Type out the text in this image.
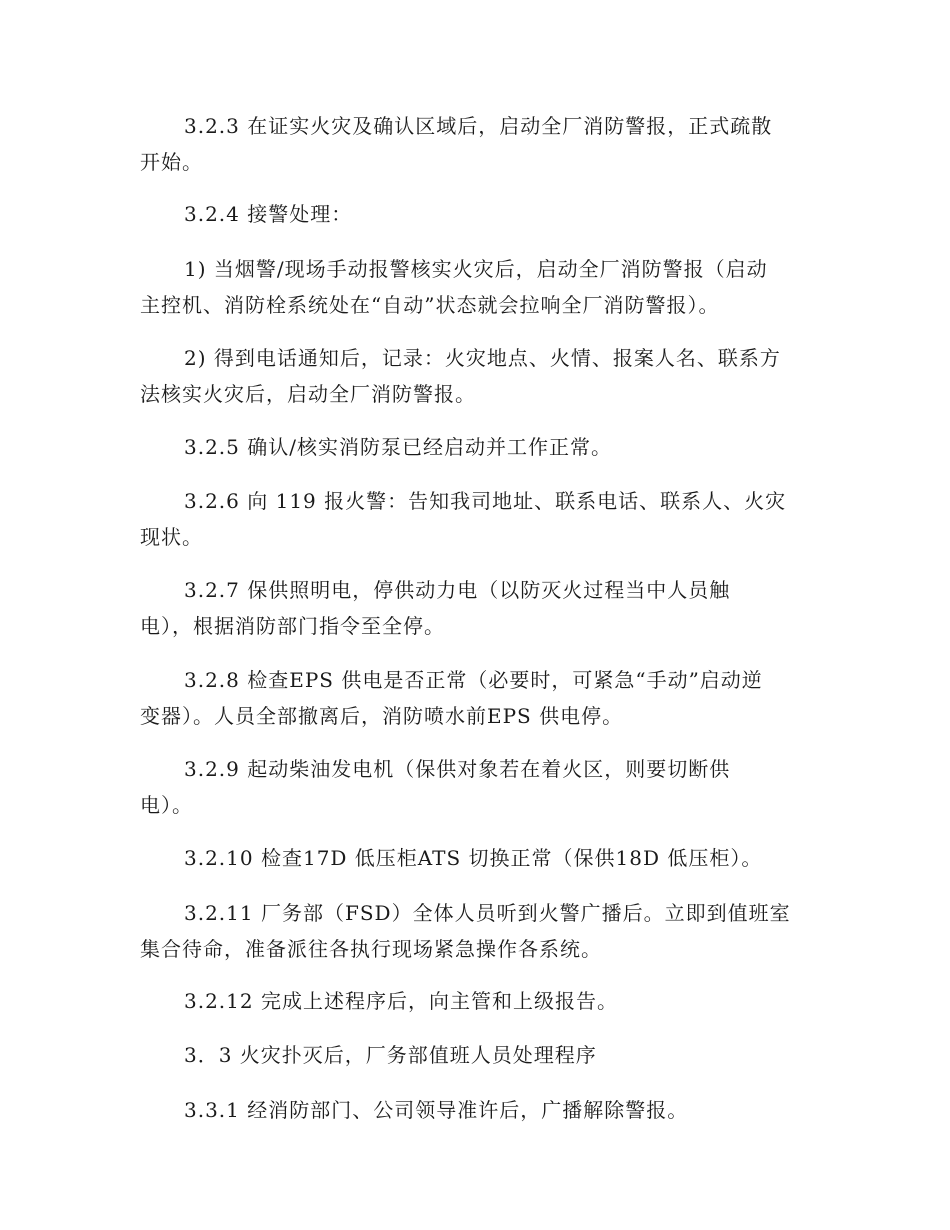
3.2.3 在证实火灾及确认区域后，启动全厂消防警报，正式疏散
开始。

3.2.4 接警处理：

1) 当烟警/现场手动报警核实火灾后，启动全厂消防警报（启动
主控机、消防栓系统处在“自动”状态就会拉响全厂消防警报）。

2) 得到电话通知后，记录：火灾地点、火情、报案人名、联系方
法核实火灾后，启动全厂消防警报。

3.2.5 确认/核实消防泵已经启动并工作正常。

3.2.6 向 119 报火警：告知我司地址、联系电话、联系人、火灾
现状。

3.2.7 保供照明电，停供动力电（以防灭火过程当中人员触
电），根据消防部门指令至全停。

3.2.8 检查EPS 供电是否正常（必要时，可紧急“手动”启动逆
变器）。人员全部撤离后，消防喷水前EPS 供电停。

3.2.9 起动柴油发电机（保供对象若在着火区，则要切断供
电）。

3.2.10 检查17D 低压柜ATS 切换正常（保供18D 低压柜）。

3.2.11 厂务部（FSD）全体人员听到火警广播后。立即到值班室
集合待命，准备派往各执行现场紧急操作各系统。

3.2.12 完成上述程序后，向主管和上级报告。

3．3 火灾扑灭后，厂务部值班人员处理程序

3.3.1 经消防部门、公司领导准许后，广播解除警报。
